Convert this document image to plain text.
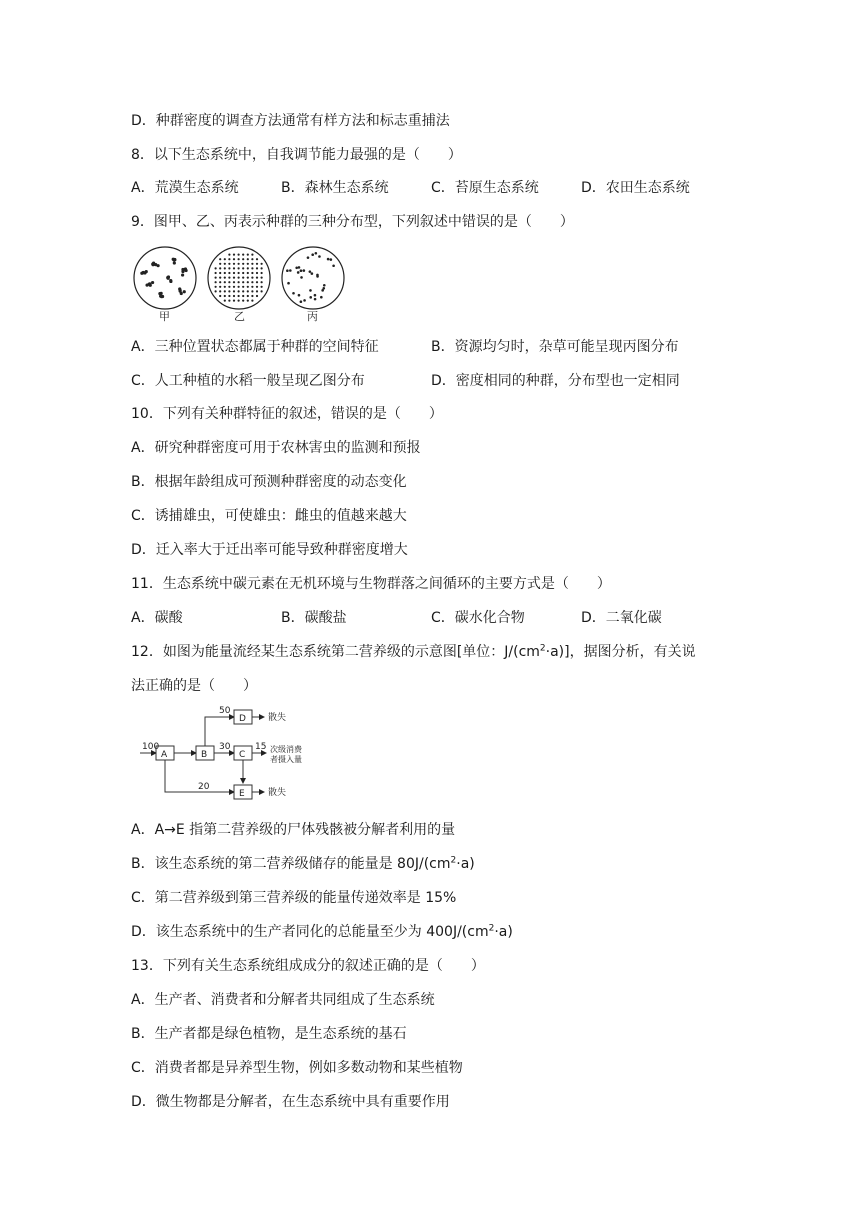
D．种群密度的调查方法通常有样方法和标志重捕法
8．以下生态系统中，自我调节能力最强的是（　　）
A．荒漠生态系统	B．森林生态系统	C．苔原生态系统	D．农田生态系统
9．图甲、乙、丙表示种群的三种分布型，下列叙述中错误的是（　　）
甲	乙	丙
A．三种位置状态都属于种群的空间特征	B．资源均匀时，杂草可能呈现丙图分布
C．人工种植的水稻一般呈现乙图分布	D．密度相同的种群，分布型也一定相同
10．下列有关种群特征的叙述，错误的是（　　）
A．研究种群密度可用于农林害虫的监测和预报
B．根据年龄组成可预测种群密度的动态变化
C．诱捕雄虫，可使雄虫：雌虫的值越来越大
D．迁入率大于迁出率可能导致种群密度增大
11．生态系统中碳元素在无机环境与生物群落之间循环的主要方式是（　　）
A．碳酸	B．碳酸盐	C．碳水化合物	D．二氧化碳
12．如图为能量流经某生态系统第二营养级的示意图[单位：$J/(cm^2\cdot a)$]，据图分析，有关说
法正确的是（　　）
A	B	C
D
E
100
50
30	15
20
散失
散失
次级消费
者摄入量
A．A→E 指第二营养级的尸体残骸被分解者利用的量
B．该生态系统的第二营养级储存的能量是 $80J/(cm^2\cdot a)$
C．第二营养级到第三营养级的能量传递效率是 15%
D．该生态系统中的生产者同化的总能量至少为 $400J/(cm^2\cdot a)$
13．下列有关生态系统组成成分的叙述正确的是（　　）
A．生产者、消费者和分解者共同组成了生态系统
B．生产者都是绿色植物，是生态系统的基石
C．消费者都是异养型生物，例如多数动物和某些植物
D．微生物都是分解者，在生态系统中具有重要作用
